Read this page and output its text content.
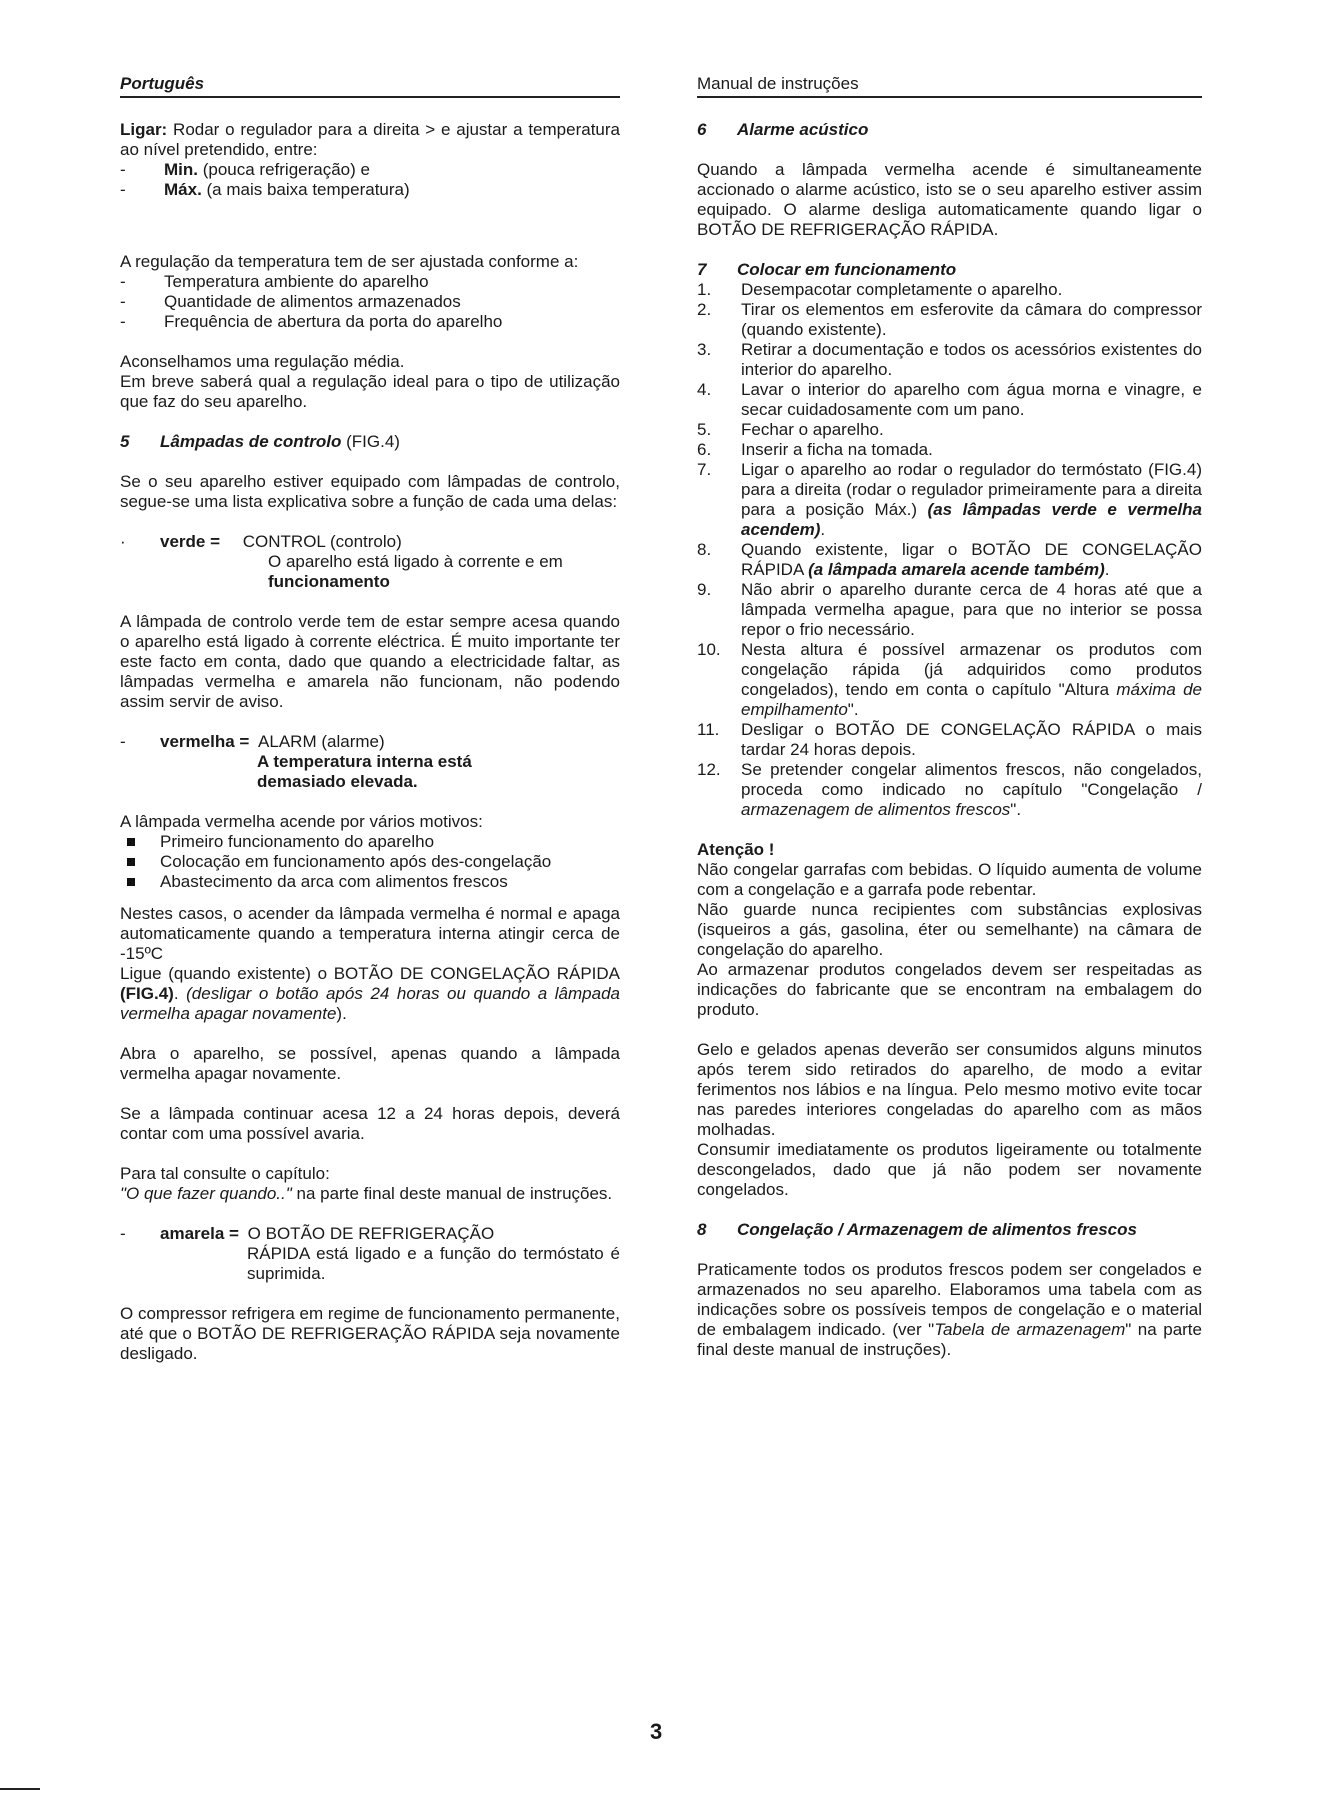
Português	Manual de instruções

Ligar: Rodar o regulador para a direita > e ajustar a temperatura ao nível pretendido, entre:

- Min. (pouca refrigeração) e
- Máx. (a mais baixa temperatura)

A regulação da temperatura tem de ser ajustada conforme a:

- Temperatura ambiente do aparelho
- Quantidade de alimentos armazenados
- Frequência de abertura da porta do aparelho

Aconselhamos uma regulação média.

Em breve saberá qual a regulação ideal para o tipo de utilização que faz do seu aparelho.

5 Lâmpadas de controlo (FIG.4)

Se o seu aparelho estiver equipado com lâmpadas de controlo, segue-se uma lista explicativa sobre a função de cada uma delas:

· verde = CONTROL (controlo)
O aparelho está ligado à corrente e em
funcionamento

A lâmpada de controlo verde tem de estar sempre acesa quando o aparelho está ligado à corrente eléctrica. É muito importante ter este facto em conta, dado que quando a electricidade faltar, as lâmpadas vermelha e amarela não funcionam, não podendo assim servir de aviso.

- vermelha = ALARM (alarme)
A temperatura interna está
demasiado elevada.

A lâmpada vermelha acende por vários motivos:

Primeiro funcionamento do aparelho
Colocação em funcionamento após des-congelação
Abastecimento da arca com alimentos frescos

Nestes casos, o acender da lâmpada vermelha é normal e apaga automaticamente quando a temperatura interna atingir cerca de -15ºC

Ligue (quando existente) o BOTÃO DE CONGELAÇÃO RÁPIDA (FIG.4). (desligar o botão após 24 horas ou quando a lâmpada vermelha apagar novamente).

Abra o aparelho, se possível, apenas quando a lâmpada vermelha apagar novamente.

Se a lâmpada continuar acesa 12 a 24 horas depois, deverá contar com uma possível avaria.

Para tal consulte o capítulo:

"O que fazer quando.." na parte final deste manual de instruções.

- amarela = O BOTÃO DE REFRIGERAÇÃO

RÁPIDA está ligado e a função do termóstato é suprimida.

O compressor refrigera em regime de funcionamento permanente, até que o BOTÃO DE REFRIGERAÇÃO RÁPIDA seja novamente desligado.

6 Alarme acústico

Quando a lâmpada vermelha acende é simultaneamente accionado o alarme acústico, isto se o seu aparelho estiver assim equipado. O alarme desliga automaticamente quando ligar o BOTÃO DE REFRIGERAÇÃO RÁPIDA.

7 Colocar em funcionamento

1. Desempacotar completamente o aparelho.
2. Tirar os elementos em esferovite da câmara do compressor (quando existente).
3. Retirar a documentação e todos os acessórios existentes do interior do aparelho.
4. Lavar o interior do aparelho com água morna e vinagre, e secar cuidadosamente com um pano.
5. Fechar o aparelho.
6. Inserir a ficha na tomada.
7. Ligar o aparelho ao rodar o regulador do termóstato (FIG.4) para a direita (rodar o regulador primeiramente para a direita para a posição Máx.) (as lâmpadas verde e vermelha acendem).
8. Quando existente, ligar o BOTÃO DE CONGELAÇÃO RÁPIDA (a lâmpada amarela acende também).
9. Não abrir o aparelho durante cerca de 4 horas até que a lâmpada vermelha apague, para que no interior se possa repor o frio necessário.
10. Nesta altura é possível armazenar os produtos com congelação rápida (já adquiridos como produtos congelados), tendo em conta o capítulo "Altura máxima de empilhamento".
11. Desligar o BOTÃO DE CONGELAÇÃO RÁPIDA o mais tardar 24 horas depois.
12. Se pretender congelar alimentos frescos, não congelados, proceda como indicado no capítulo "Congelação / armazenagem de alimentos frescos".

Atenção !

Não congelar garrafas com bebidas. O líquido aumenta de volume com a congelação e a garrafa pode rebentar.

Não guarde nunca recipientes com substâncias explosivas (isqueiros a gás, gasolina, éter ou semelhante) na câmara de congelação do aparelho.

Ao armazenar produtos congelados devem ser respeitadas as indicações do fabricante que se encontram na embalagem do produto.

Gelo e gelados apenas deverão ser consumidos alguns minutos após terem sido retirados do aparelho, de modo a evitar ferimentos nos lábios e na língua. Pelo mesmo motivo evite tocar nas paredes interiores congeladas do aparelho com as mãos molhadas.

Consumir imediatamente os produtos ligeiramente ou totalmente descongelados, dado que já não podem ser novamente congelados.

8	Congelação / Armazenagem de alimentos frescos

Praticamente todos os produtos frescos podem ser congelados e armazenados no seu aparelho. Elaboramos uma tabela com as indicações sobre os possíveis tempos de congelação e o material de embalagem indicado. (ver "Tabela de armazenagem" na parte final deste manual de instruções).

3
